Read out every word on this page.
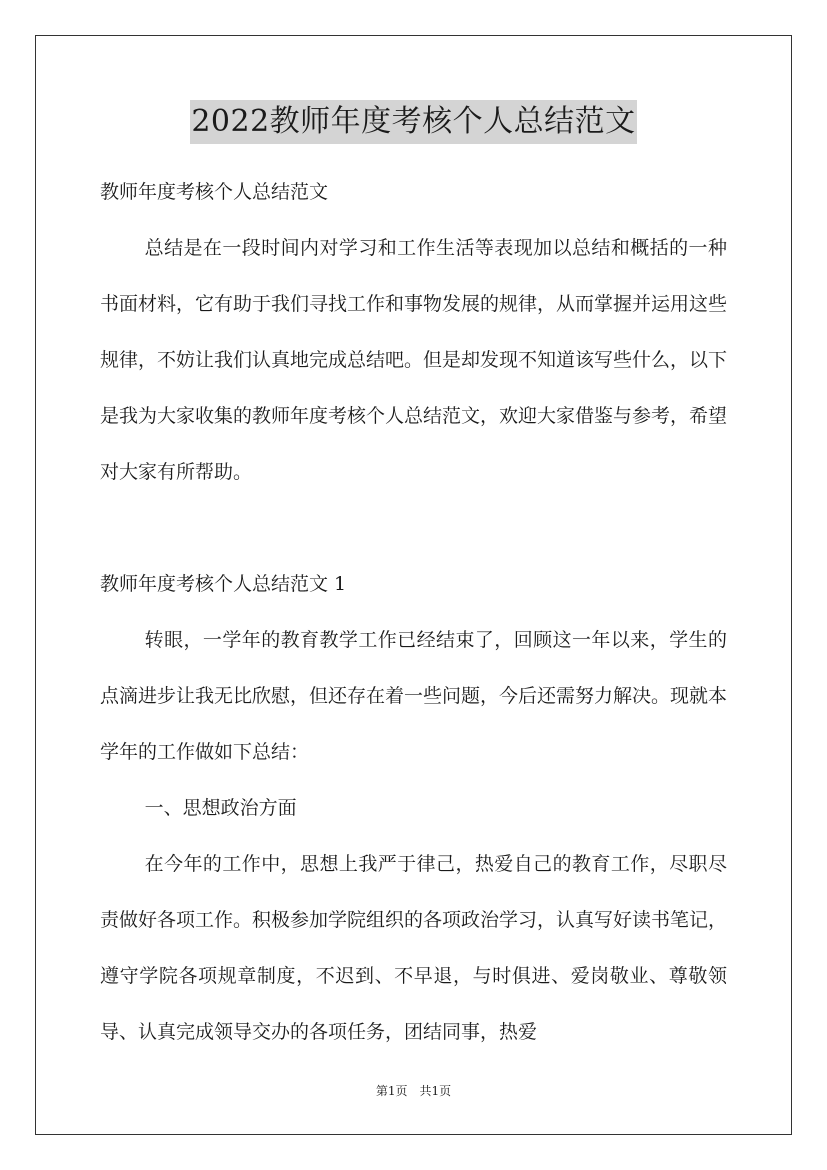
2022教师年度考核个人总结范文

教师年度考核个人总结范文

总结是在一段时间内对学习和工作生活等表现加以总结和概括的一种书面材料，它有助于我们寻找工作和事物发展的规律，从而掌握并运用这些规律，不妨让我们认真地完成总结吧。但是却发现不知道该写些什么，以下是我为大家收集的教师年度考核个人总结范文，欢迎大家借鉴与参考，希望对大家有所帮助。

教师年度考核个人总结范文 1

转眼，一学年的教育教学工作已经结束了，回顾这一年以来，学生的点滴进步让我无比欣慰，但还存在着一些问题，今后还需努力解决。现就本学年的工作做如下总结：

一、思想政治方面

在今年的工作中，思想上我严于律己，热爱自己的教育工作，尽职尽责做好各项工作。积极参加学院组织的各项政治学习，认真写好读书笔记，遵守学院各项规章制度，不迟到、不早退，与时俱进、爱岗敬业、尊敬领导、认真完成领导交办的各项任务，团结同事，热爱

第1页　共1页
